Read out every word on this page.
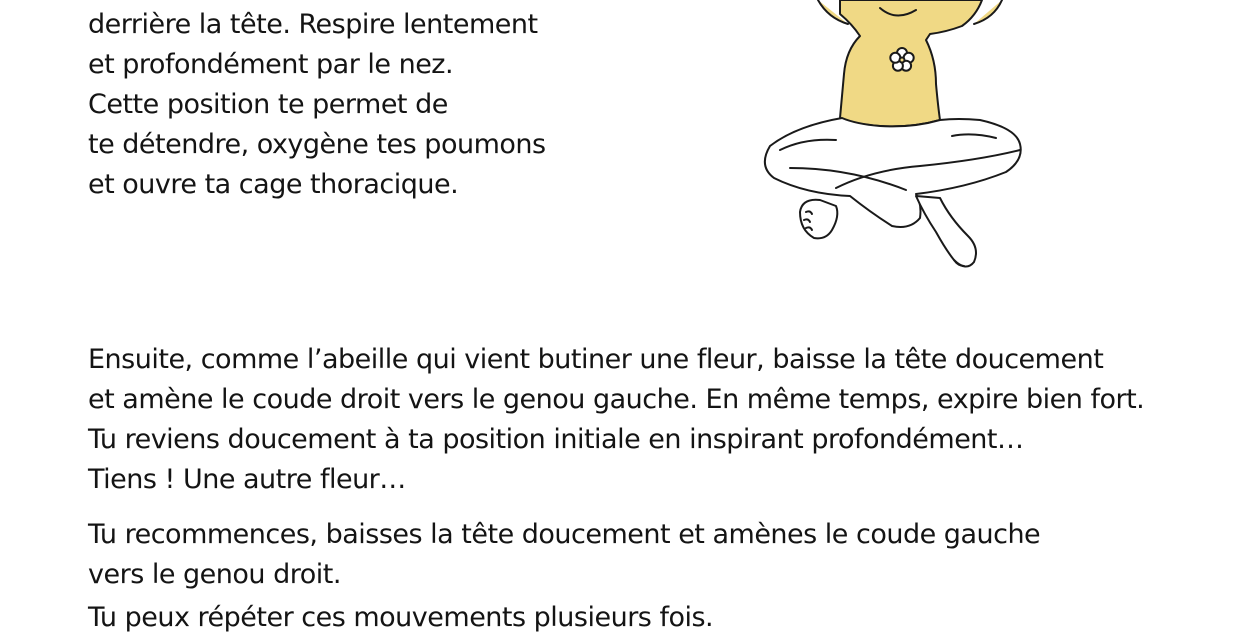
derrière la tête. Respire lentement
et profondément par le nez.
Cette position te permet de
te détendre, oxygène tes poumons
et ouvre ta cage thoracique.

Ensuite, comme l’abeille qui vient butiner une fleur, baisse la tête doucement
et amène le coude droit vers le genou gauche. En même temps, expire bien fort.
Tu reviens doucement à ta position initiale en inspirant profondément…
Tiens ! Une autre fleur…

Tu recommences, baisses la tête doucement et amènes le coude gauche
vers le genou droit.

Tu peux répéter ces mouvements plusieurs fois.
